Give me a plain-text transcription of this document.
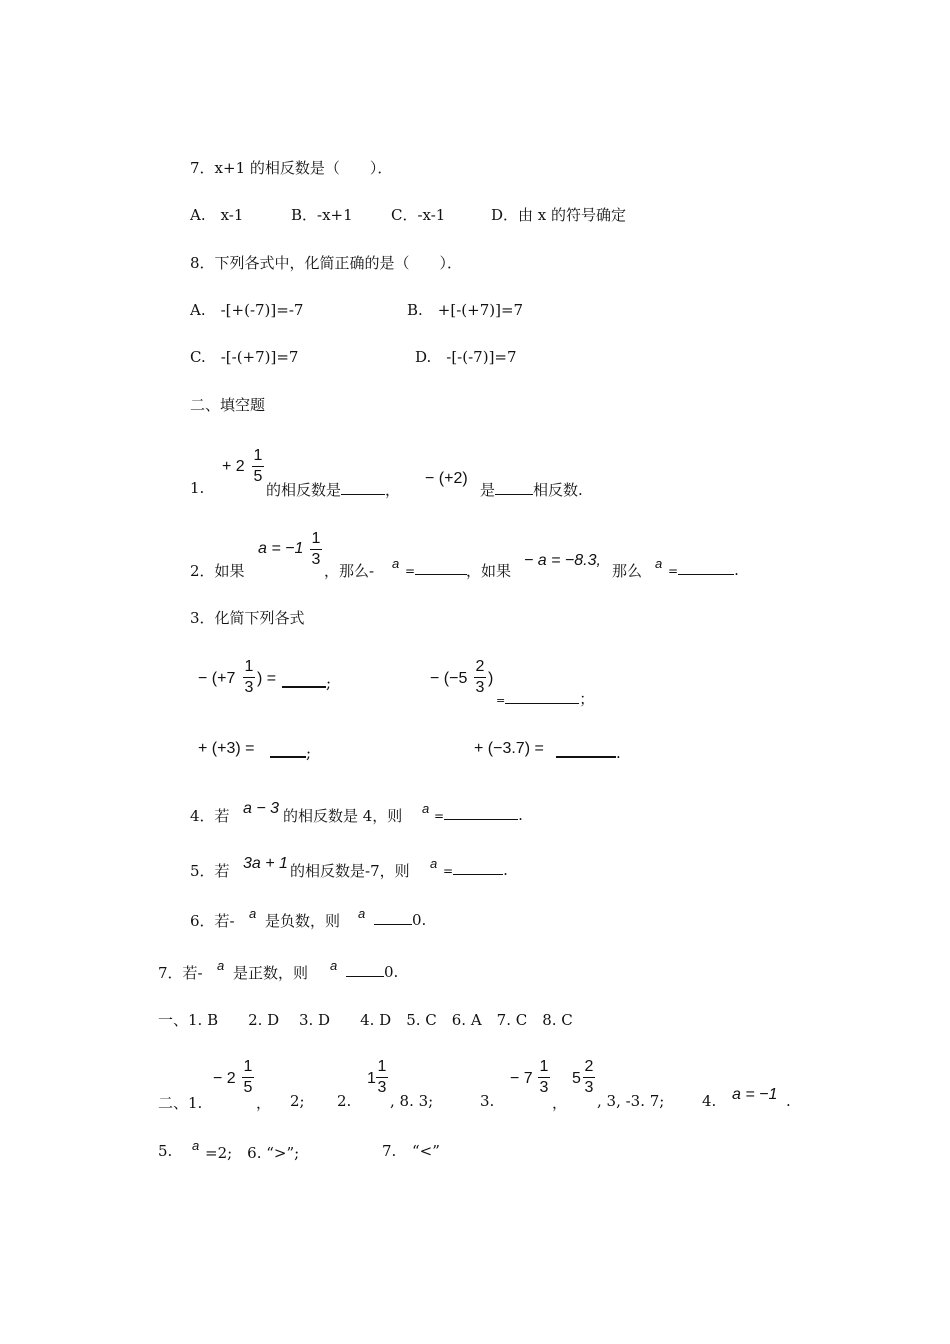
7．x+1 的相反数是（　　）．
A.　x-1	B．-x+1	C．-x-1	D．由 x 的符号确定
8．下列各式中，化简正确的是（　　）．
A.　-[+(-7)]=-7	B.　+[-(+7)]=7
C.　-[-(+7)]=7	D.　-[-(-7)]=7
二、填空题
1.
+ 2
1
5
的相反数是	，
− (+2)
是	相反数.
2．如果
a = −1
1
3
，那么- a =	，如果
− a = −8.3,
那么 a =	.
3．化简下列各式
− (+7
1
3
) =	;	− (−5
2
3
)
=	；
+ (+3) =	;	+ (−3.7) =	.
4．若 a − 3 的相反数是 4，则 a =	.
5．若 3a + 1 的相反数是-7，则 a =	.
6．若- a 是负数，则 a	0.
7．若- a 是正数，则 a	0.
一、1. B　　2. D　 3. D　　4. D　5. C　6. A　7. C　8. C
二、1.
− 2
1
5
， 2; 2.
1
1
3
, 8. 3;	3.
− 7
1
3
，
5
2
3
, 3, -3. 7;	4. a = −1 .
5. a =2;　6. “>”;	7. “<”
